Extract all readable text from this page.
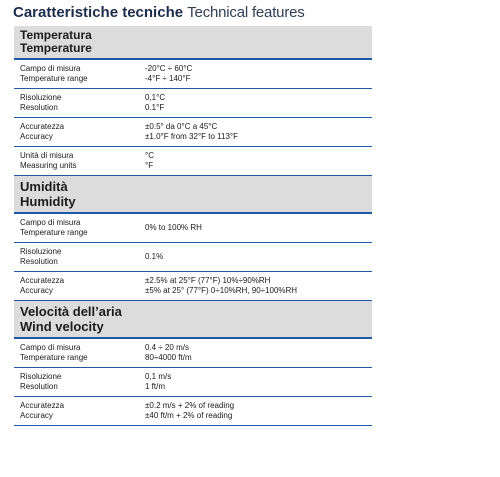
Caratteristiche tecniche Technical features
Temperatura
Temperature
Campo di misura
Temperature range
-20°C ÷ 60°C
-4°F ÷ 140°F
Risoluzione
Resolution
0,1°C
0.1°F
Accuratezza
Accuracy
±0.5° da 0°C a 45°C
±1.0°F from 32°F to 113°F
Unità di misura
Measuring units
°C
°F
Umidità
Humidity
Campo di misura
Temperature range
0% to 100% RH
Risoluzione
Resolution
0.1%
Accuratezza
Accuracy
±2.5% at 25°F (77°F) 10%÷90%RH
±5% at 25° (77°F) 0÷10%RH, 90÷100%RH
Velocità dell’aria
Wind velocity
Campo di misura
Temperature range
0.4 ÷ 20 m/s
80÷4000 ft/m
Risoluzione
Resolution
0,1 m/s
1 ft/m
Accuratezza
Accuracy
±0.2 m/s + 2% of reading
±40 ft/m + 2% of reading
